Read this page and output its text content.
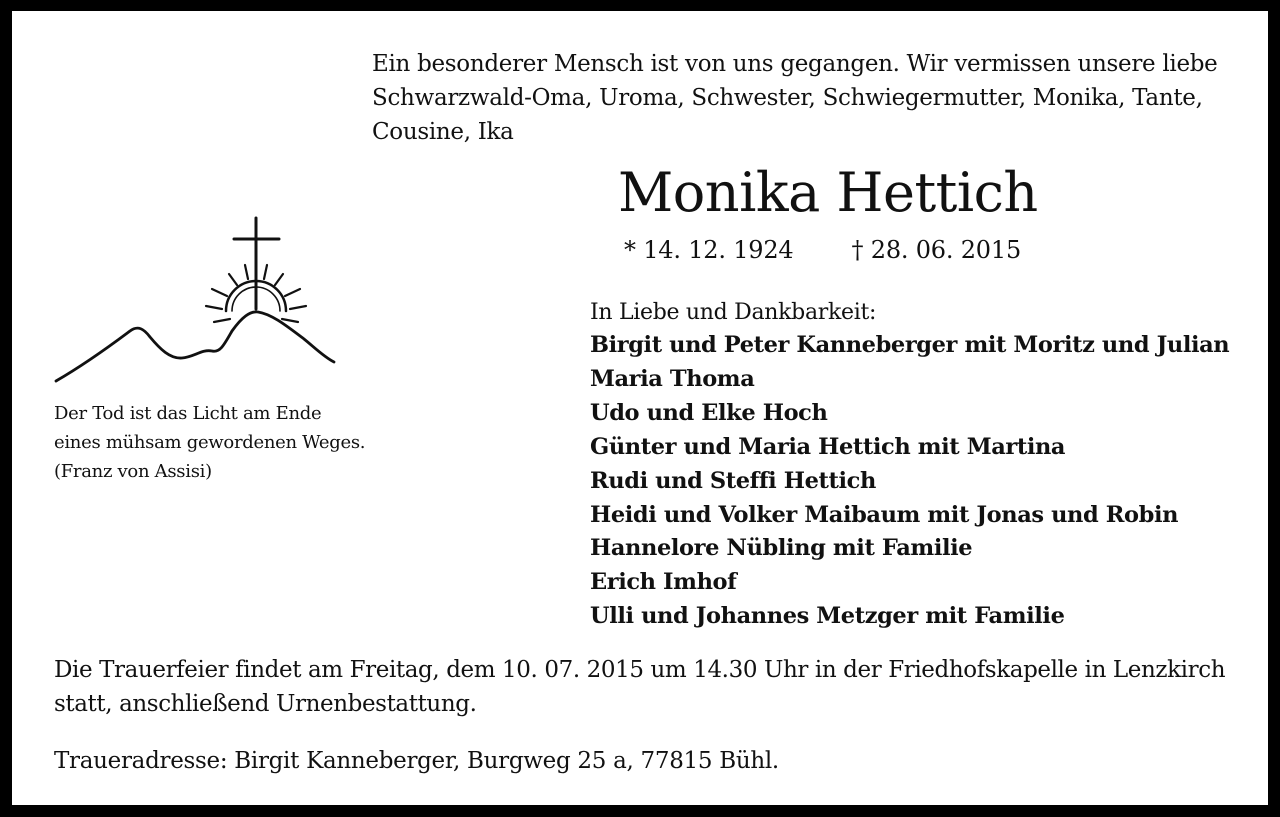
Ein besonderer Mensch ist von uns gegangen. Wir vermissen unsere liebe
Schwarzwald-Oma, Uroma, Schwester, Schwiegermutter, Monika, Tante,
Cousine, Ika
Monika Hettich
* 14. 12. 1924 † 28. 06. 2015
Der Tod ist das Licht am Ende
eines mühsam gewordenen Weges.
(Franz von Assisi)
In Liebe und Dankbarkeit:
Birgit und Peter Kanneberger mit Moritz und Julian
Maria Thoma
Udo und Elke Hoch
Günter und Maria Hettich mit Martina
Rudi und Steffi Hettich
Heidi und Volker Maibaum mit Jonas und Robin
Hannelore Nübling mit Familie
Erich Imhof
Ulli und Johannes Metzger mit Familie
Die Trauerfeier findet am Freitag, dem 10. 07. 2015 um 14.30 Uhr in der Friedhofskapelle in Lenzkirch
statt, anschließend Urnenbestattung.
Traueradresse: Birgit Kanneberger, Burgweg 25 a, 77815 Bühl.
